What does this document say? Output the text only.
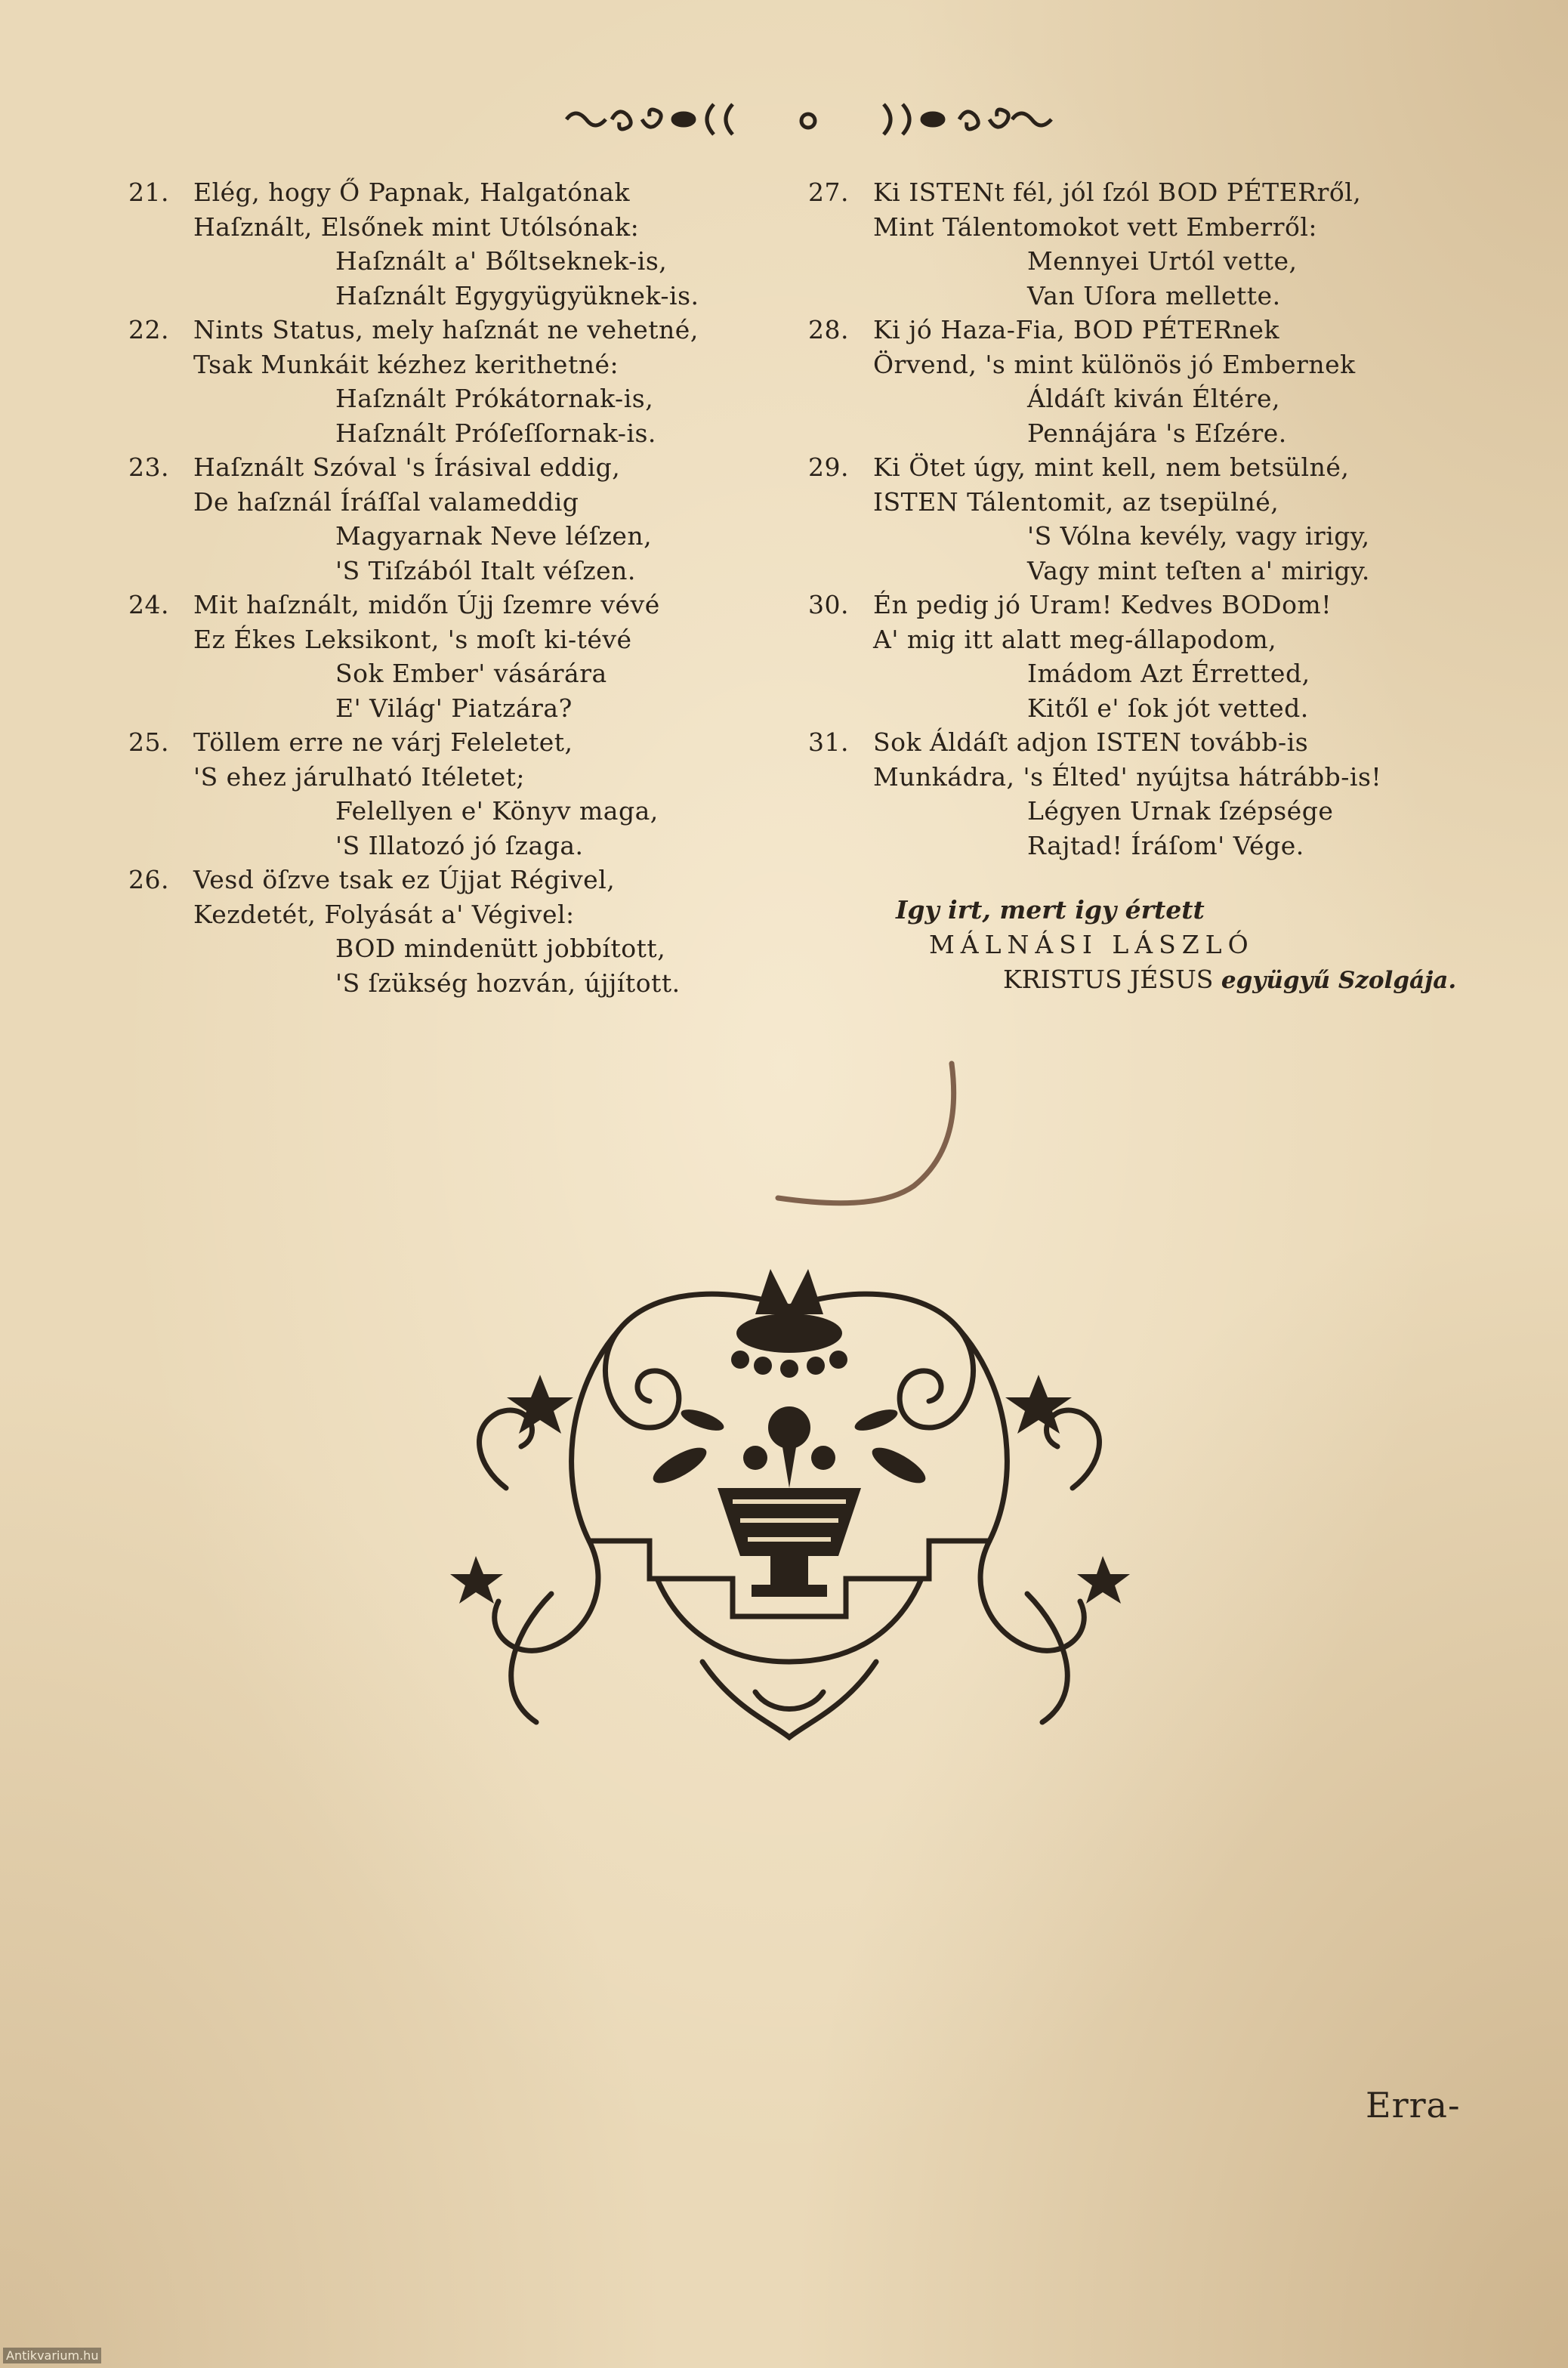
21. Elég, hogy Ő Papnak, Halgatónak
Haſznált, Elsőnek mint Utólsónak:
Haſznált a' Bőltseknek-is,
Haſznált Egygyügyüknek-is.
22. Nints Status, mely haſznát ne vehetné,
Tsak Munkáit kézhez kerithetné:
Haſznált Prókátornak-is,
Haſznált Próſeſſornak-is.
23. Haſznált Szóval 's Írásival eddig,
De haſznál Íráſſal valameddig
Magyarnak Neve léſzen,
'S Tiſzából Italt véſzen.
24. Mit haſznált, midőn Újj ſzemre vévé
Ez Ékes Leksikont, 's moſt ki-tévé
Sok Ember' vásárára
E' Világ' Piatzára?
25. Töllem erre ne várj Feleletet,
'S ehez járulható Itéletet;
Felellyen e' Könyv maga,
'S Illatozó jó ſzaga.
26. Vesd öſzve tsak ez Újjat Régivel,
Kezdetét, Folyását a' Végivel:
BOD mindenütt jobbított,
'S ſzükség hozván, újjított.
27. Ki ISTENt fél, jól ſzól BOD PÉTERről,
Mint Tálentomokot vett Emberről:
Mennyei Urtól vette,
Van Uſora mellette.
28. Ki jó Haza-Fia, BOD PÉTERnek
Örvend, 's mint különös jó Embernek
Áldáſt kiván Éltére,
Pennájára 's Eſzére.
29. Ki Ötet úgy, mint kell, nem betsülné,
ISTEN Tálentomit, az tsepülné,
'S Vólna kevély, vagy irigy,
Vagy mint teſten a' mirigy.
30. Én pedig jó Uram! Kedves BODom!
A' mig itt alatt meg-állapodom,
Imádom Azt Érretted,
Kitől e' ſok jót vetted.
31. Sok Áldáſt adjon ISTEN tovább-is
Munkádra, 's Élted' nyújtsa hátrább-is!
Légyen Urnak ſzépsége
Rajtad! Íráſom' Vége.
Igy irt, mert igy értett
MÁLNÁSI LÁSZLÓ
KRISTUS JÉSUS együgyű Szolgája.
Erra-
Antikvarium.hu
